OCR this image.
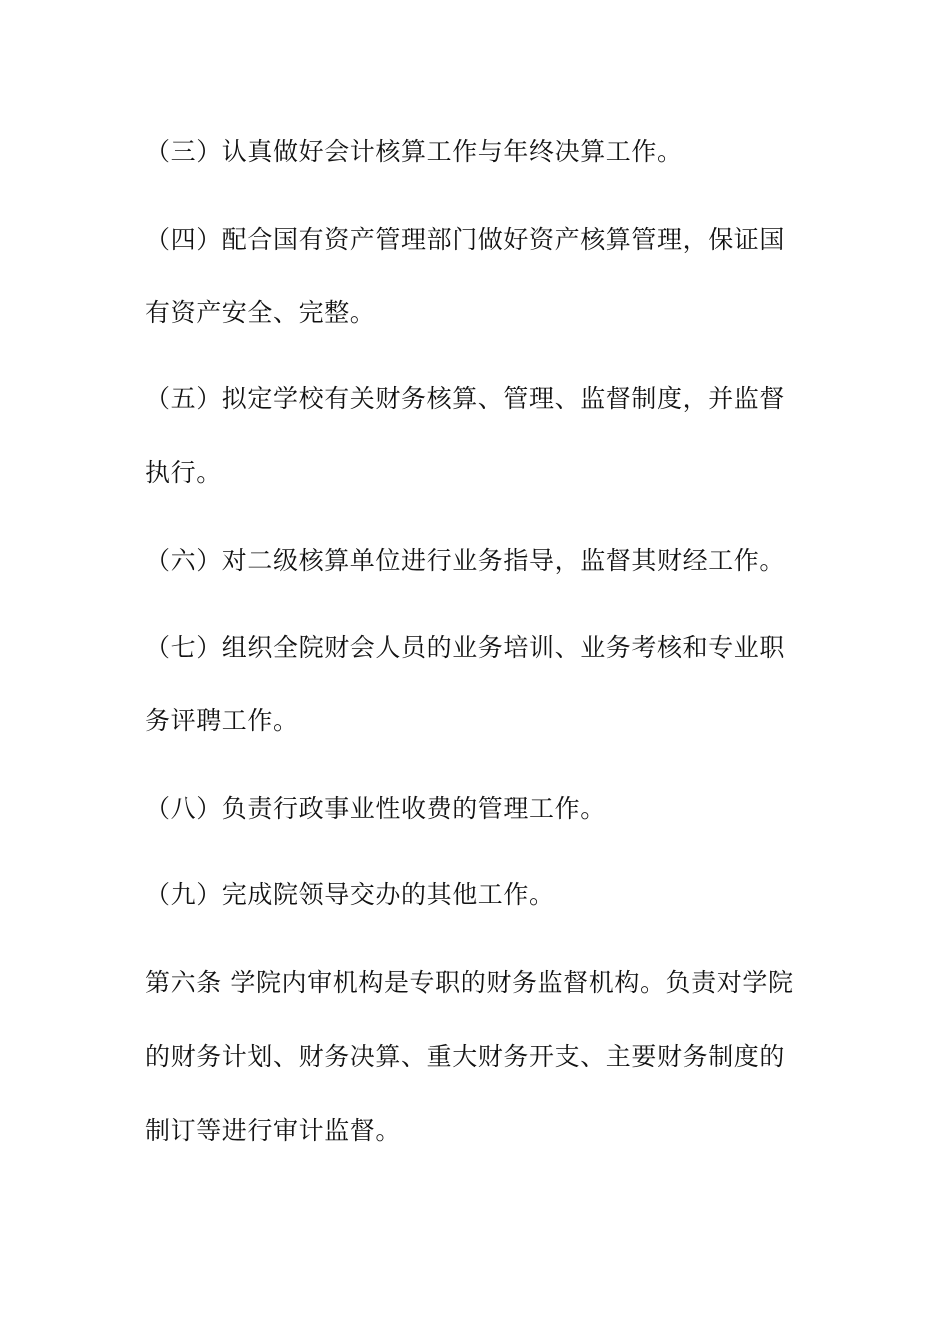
（三）认真做好会计核算工作与年终决算工作。
（四）配合国有资产管理部门做好资产核算管理，保证国
有资产安全、完整。
（五）拟定学校有关财务核算、管理、监督制度，并监督
执行。
（六）对二级核算单位进行业务指导，监督其财经工作。
（七）组织全院财会人员的业务培训、业务考核和专业职
务评聘工作。
（八）负责行政事业性收费的管理工作。
（九）完成院领导交办的其他工作。
第六条 学院内审机构是专职的财务监督机构。负责对学院
的财务计划、财务决算、重大财务开支、主要财务制度的
制订等进行审计监督。
